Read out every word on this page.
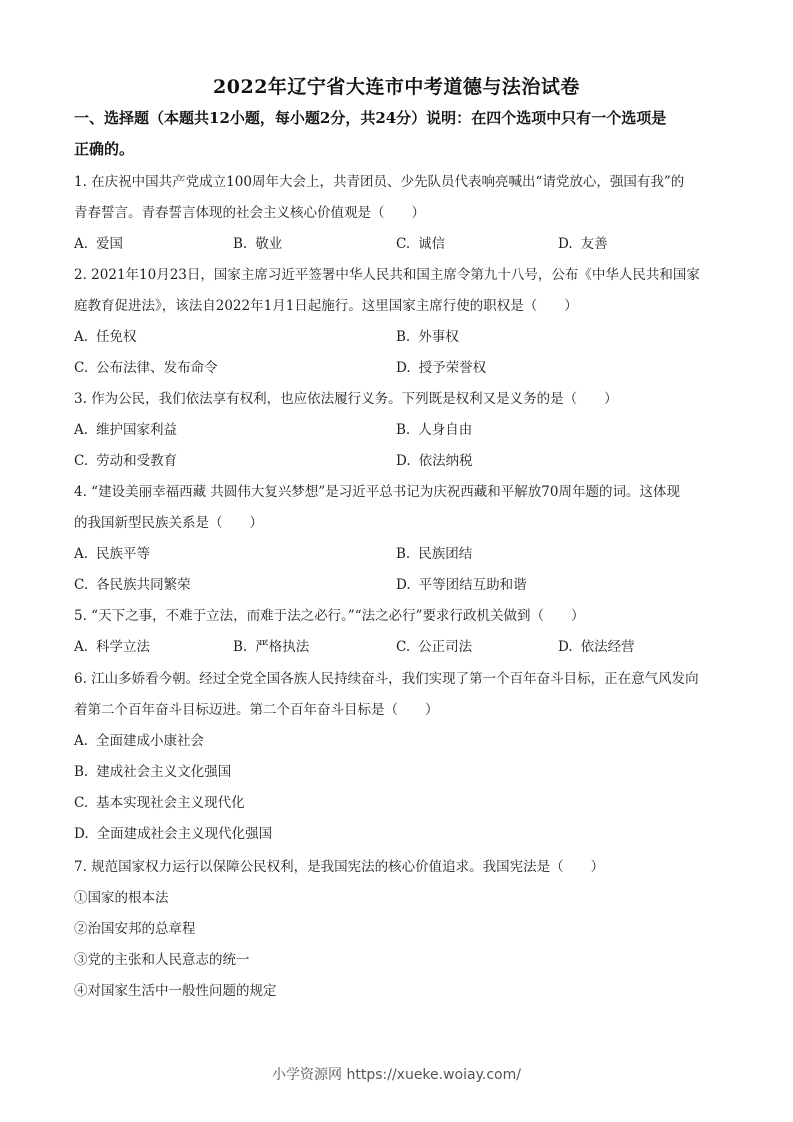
2022年辽宁省大连市中考道德与法治试卷
一、选择题（本题共12小题，每小题2分，共24分）说明：在四个选项中只有一个选项是
正确的。
1. 在庆祝中国共产党成立100周年大会上，共青团员、少先队员代表响亮喊出“请党放心，强国有我”的
青春誓言。青春誓言体现的社会主义核心价值观是（　　）
A. 爱国	B. 敬业	C. 诚信	D. 友善
2. 2021年10月23日，国家主席习近平签署中华人民共和国主席令第九十八号，公布《中华人民共和国家
庭教育促进法》，该法自2022年1月1日起施行。这里国家主席行使的职权是（　　）
A. 任免权	B. 外事权
C. 公布法律、发布命令	D. 授予荣誉权
3. 作为公民，我们依法享有权利，也应依法履行义务。下列既是权利又是义务的是（　　）
A. 维护国家利益	B. 人身自由
C. 劳动和受教育	D. 依法纳税
4. “建设美丽幸福西藏 共圆伟大复兴梦想”是习近平总书记为庆祝西藏和平解放70周年题的词。这体现
的我国新型民族关系是（　　）
A. 民族平等	B. 民族团结
C. 各民族共同繁荣	D. 平等团结互助和谐
5. “天下之事，不难于立法，而难于法之必行。”“法之必行”要求行政机关做到（　　）
A. 科学立法	B. 严格执法	C. 公正司法	D. 依法经营
6. 江山多娇看今朝。经过全党全国各族人民持续奋斗，我们实现了第一个百年奋斗目标，正在意气风发向
着第二个百年奋斗目标迈进。第二个百年奋斗目标是（　　）
A. 全面建成小康社会
B. 建成社会主义文化强国
C. 基本实现社会主义现代化
D. 全面建成社会主义现代化强国
7. 规范国家权力运行以保障公民权利，是我国宪法的核心价值追求。我国宪法是（　　）
①国家的根本法
②治国安邦的总章程
③党的主张和人民意志的统一
④对国家生活中一般性问题的规定
小学资源网 https://xueke.woiay.com/
